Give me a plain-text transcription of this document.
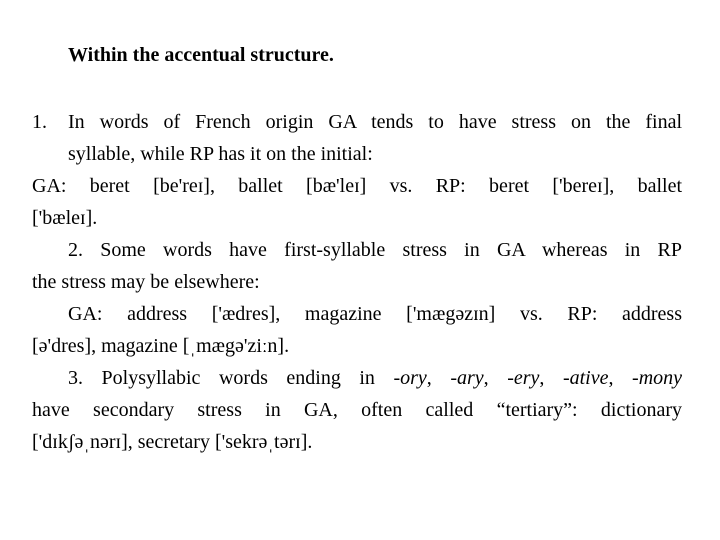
Within the accentual structure.
1. In words of French origin GA tends to have stress on the final
syllable, while RP has it on the initial:
GA: beret [be'reɪ], ballet [bæ'leɪ] vs. RP: beret ['bereɪ], ballet
['bæleɪ].
2. Some words have first-syllable stress in GA whereas in RP
the stress may be elsewhere:
GA: address ['ædres], magazine ['mægəzɪn] vs. RP: address
[ə'dres], magazine [ˌmægə'ziːn].
3. Polysyllabic words ending in -ory, -ary, -ery, -ative, -mony
have secondary stress in GA, often called “tertiary”: dictionary
['dɪkʃəˌnərɪ], secretary ['sekrəˌtərɪ].
